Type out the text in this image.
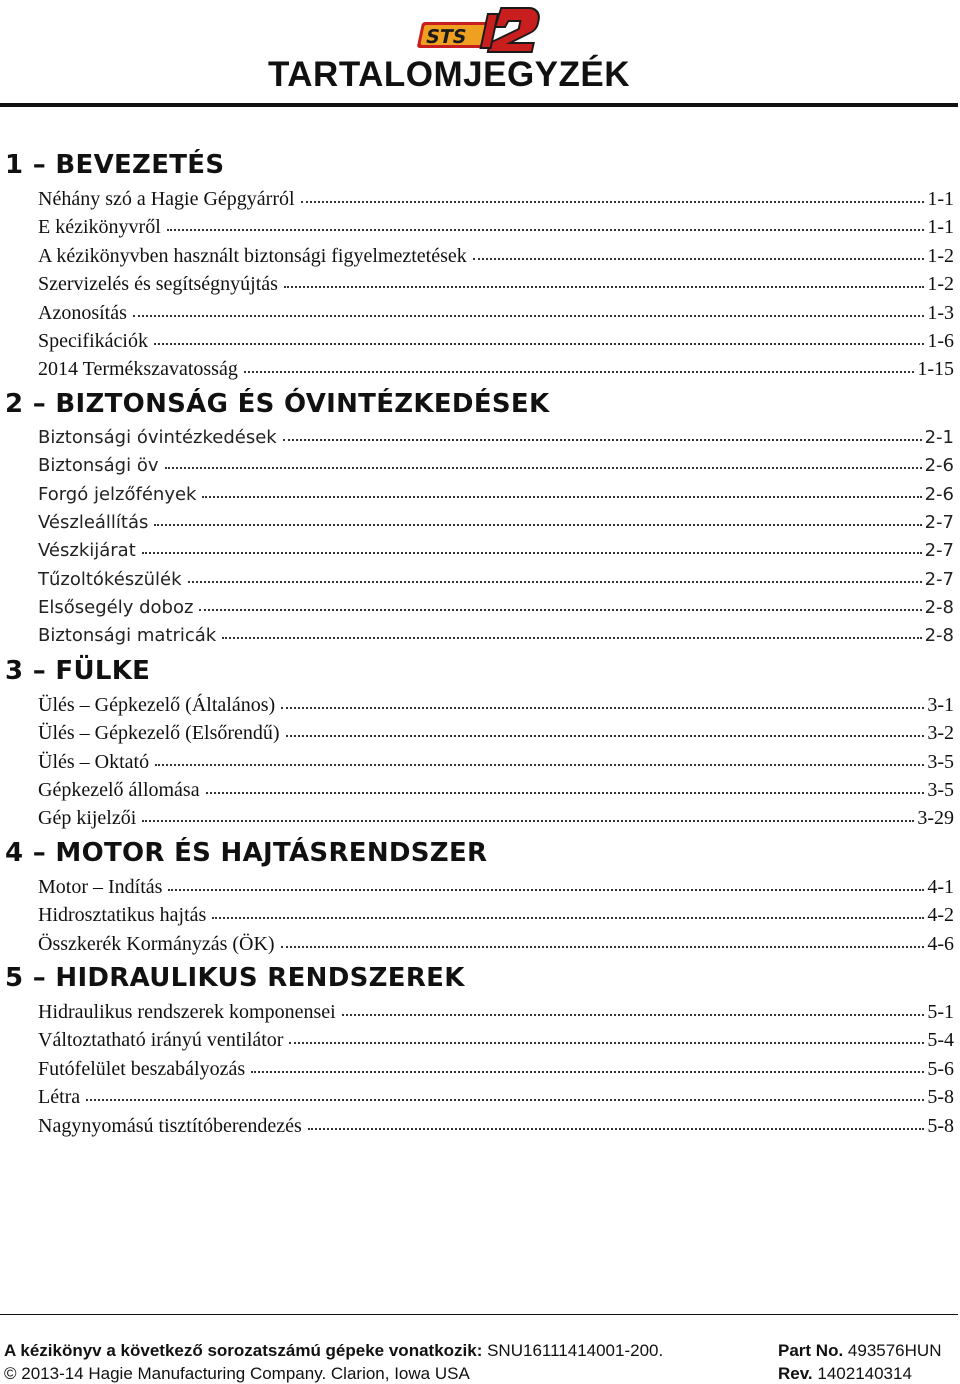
STS
TARTALOMJEGYZÉK
1 – BEVEZETÉS
Néhány szó a Hagie Gépgyárról	1-1
E kézikönyvről	1-1
A kézikönyvben használt biztonsági figyelmeztetések	1-2
Szervizelés és segítségnyújtás	1-2
Azonosítás	1-3
Specifikációk	1-6
2014 Termékszavatosság	1-15
2 – BIZTONSÁG ÉS ÓVINTÉZKEDÉSEK
Biztonsági óvintézkedések	2-1
Biztonsági öv	2-6
Forgó jelzőfények	2-6
Vészleállítás	2-7
Vészkijárat	2-7
Tűzoltókészülék	2-7
Elsősegély doboz	2-8
Biztonsági matricák	2-8
3 – FÜLKE
Ülés – Gépkezelő (Általános)	3-1
Ülés – Gépkezelő (Elsőrendű)	3-2
Ülés – Oktató	3-5
Gépkezelő állomása	3-5
Gép kijelzői	3-29
4 – MOTOR ÉS HAJTÁSRENDSZER
Motor – Indítás	4-1
Hidrosztatikus hajtás	4-2
Összkerék Kormányzás (ÖK)	4-6
5 – HIDRAULIKUS RENDSZEREK
Hidraulikus rendszerek komponensei	5-1
Változtatható irányú ventilátor	5-4
Futófelület beszabályozás	5-6
Létra	5-8
Nagynyomású tisztítóberendezés	5-8
A kézikönyv a következő sorozatszámú gépeke vonatkozik: SNU16111414001-200.	Part No. 493576HUN
© 2013-14 Hagie Manufacturing Company. Clarion, Iowa USA	Rev. 1402140314
